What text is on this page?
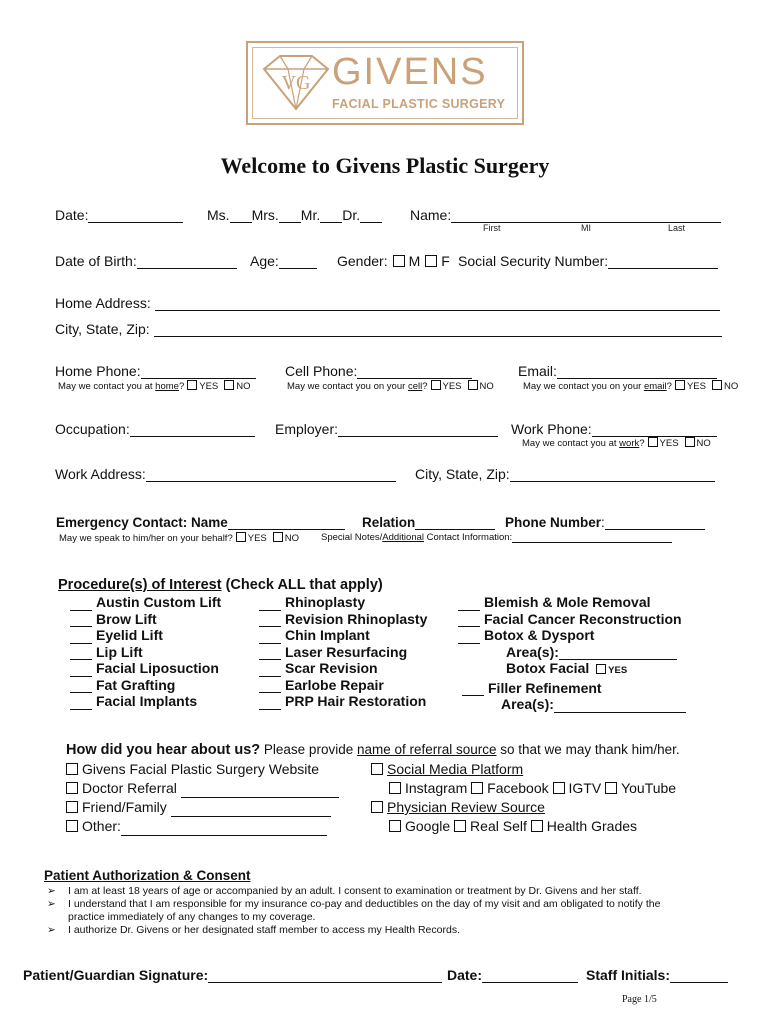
VG GIVENS
FACIAL PLASTIC SURGERY
Welcome to Givens Plastic Surgery
Date:	Ms. Mrs. Mr. Dr.	Name:
First	MI	Last
Date of Birth:	Age:	Gender: M F Social Security Number:
Home Address:
City, State, Zip:
Home Phone:
May we contact you at home? YES NO
Cell Phone:
May we contact you on your cell? YES NO
Email:
May we contact you on your email? YES NO
Occupation:	Employer:	Work Phone:
May we contact you at work? YES NO
Work Address:	City, State, Zip:
Emergency Contact: Name	Relation	Phone Number:
May we speak to him/her on your behalf? YES NO Special Notes/Additional Contact Information:
Procedure(s) of Interest (Check ALL that apply)
Austin Custom Lift
Brow Lift
Eyelid Lift
Lip Lift
Facial Liposuction
Fat Grafting
Facial Implants
Rhinoplasty
Revision Rhinoplasty
Chin Implant
Laser Resurfacing
Scar Revision
Earlobe Repair
PRP Hair Restoration
Blemish & Mole Removal
Facial Cancer Reconstruction
Botox & Dysport
Area(s):
Botox Facial YES
Filler Refinement
Area(s):
How did you hear about us? Please provide name of referral source so that we may thank him/her.
Givens Facial Plastic Surgery Website
Doctor Referral
Friend/Family
Other:
Social Media Platform
Instagram Facebook IGTV YouTube
Physician Review Source
Google Real Self Health Grades
Patient Authorization & Consent
➢ I am at least 18 years of age or accompanied by an adult. I consent to examination or treatment by Dr. Givens and her staff.
➢ I understand that I am responsible for my insurance co-pay and deductibles on the day of my visit and am obligated to notify the
practice immediately of any changes to my coverage.
➢ I authorize Dr. Givens or her designated staff member to access my Health Records.
Patient/Guardian Signature:	Date:	Staff Initials:
Page 1/5
